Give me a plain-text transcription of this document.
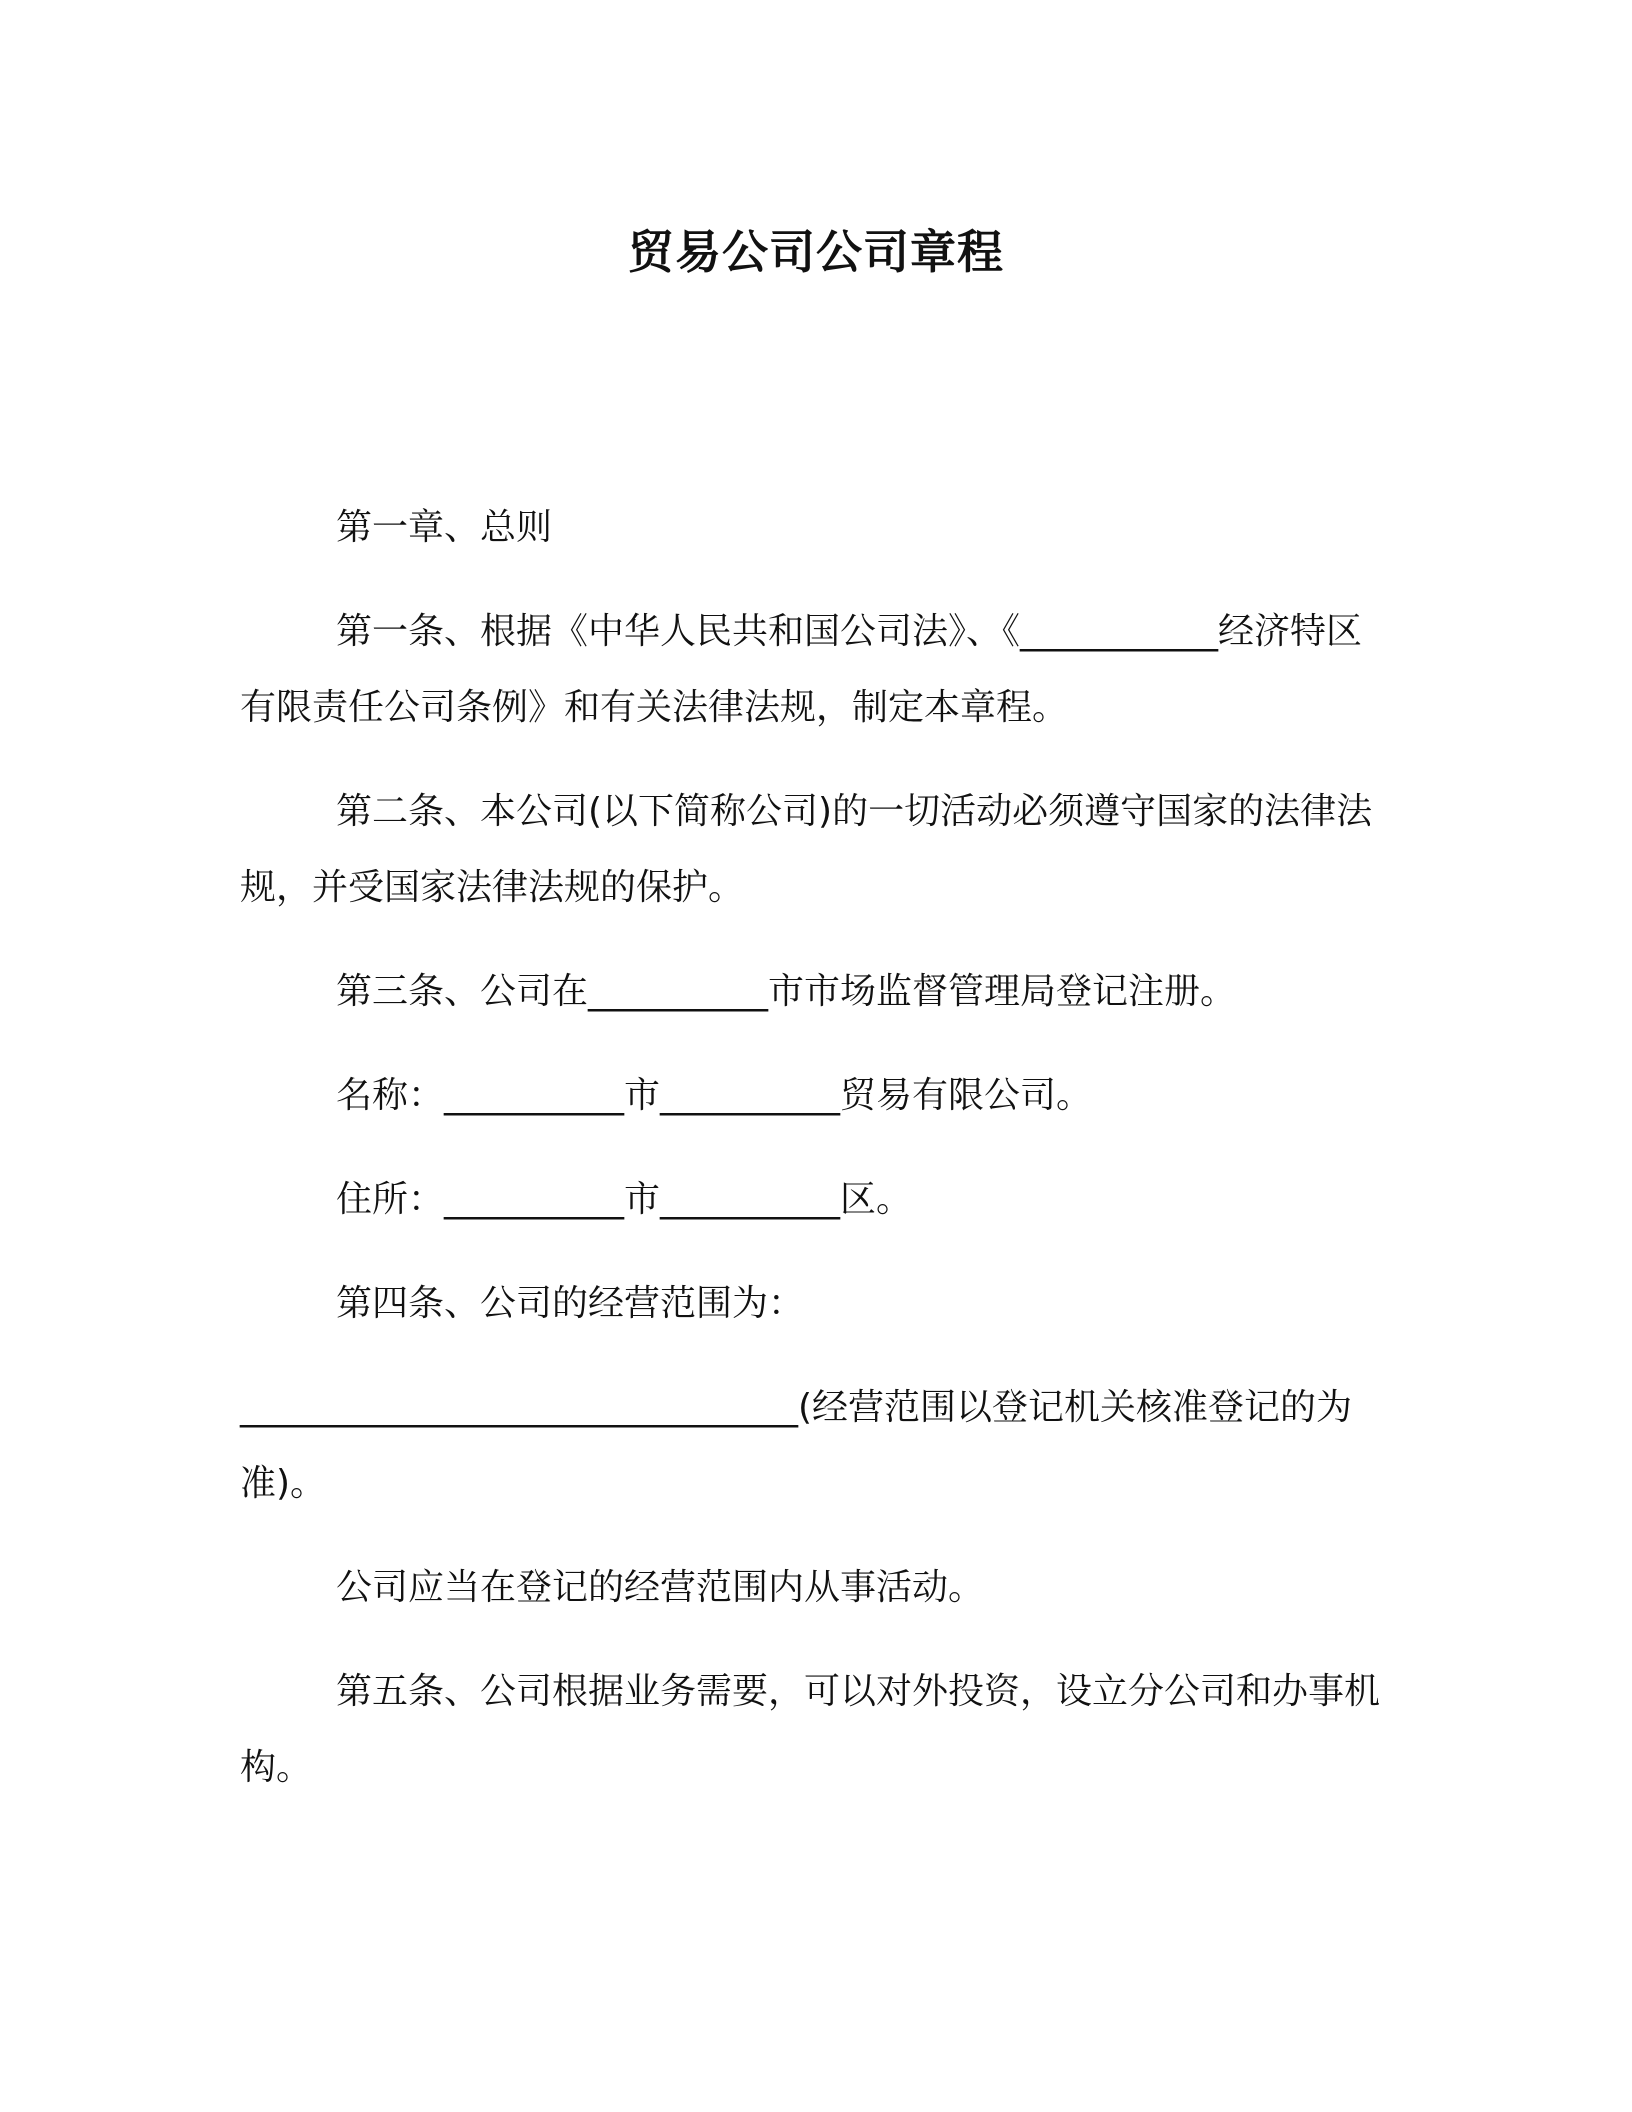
贸易公司公司章程

第一章、总则

第一条、根据《中华人民共和国公司法》、《___________经济特区有限责任公司条例》和有关法律法规，制定本章程。

第二条、本公司(以下简称公司)的一切活动必须遵守国家的法律法规，并受国家法律法规的保护。

第三条、公司在__________市市场监督管理局登记注册。

名称：__________市__________贸易有限公司。

住所：__________市__________区。

第四条、公司的经营范围为：

_______________________________(经营范围以登记机关核准登记的为准)。

公司应当在登记的经营范围内从事活动。

第五条、公司根据业务需要，可以对外投资，设立分公司和办事机构。
